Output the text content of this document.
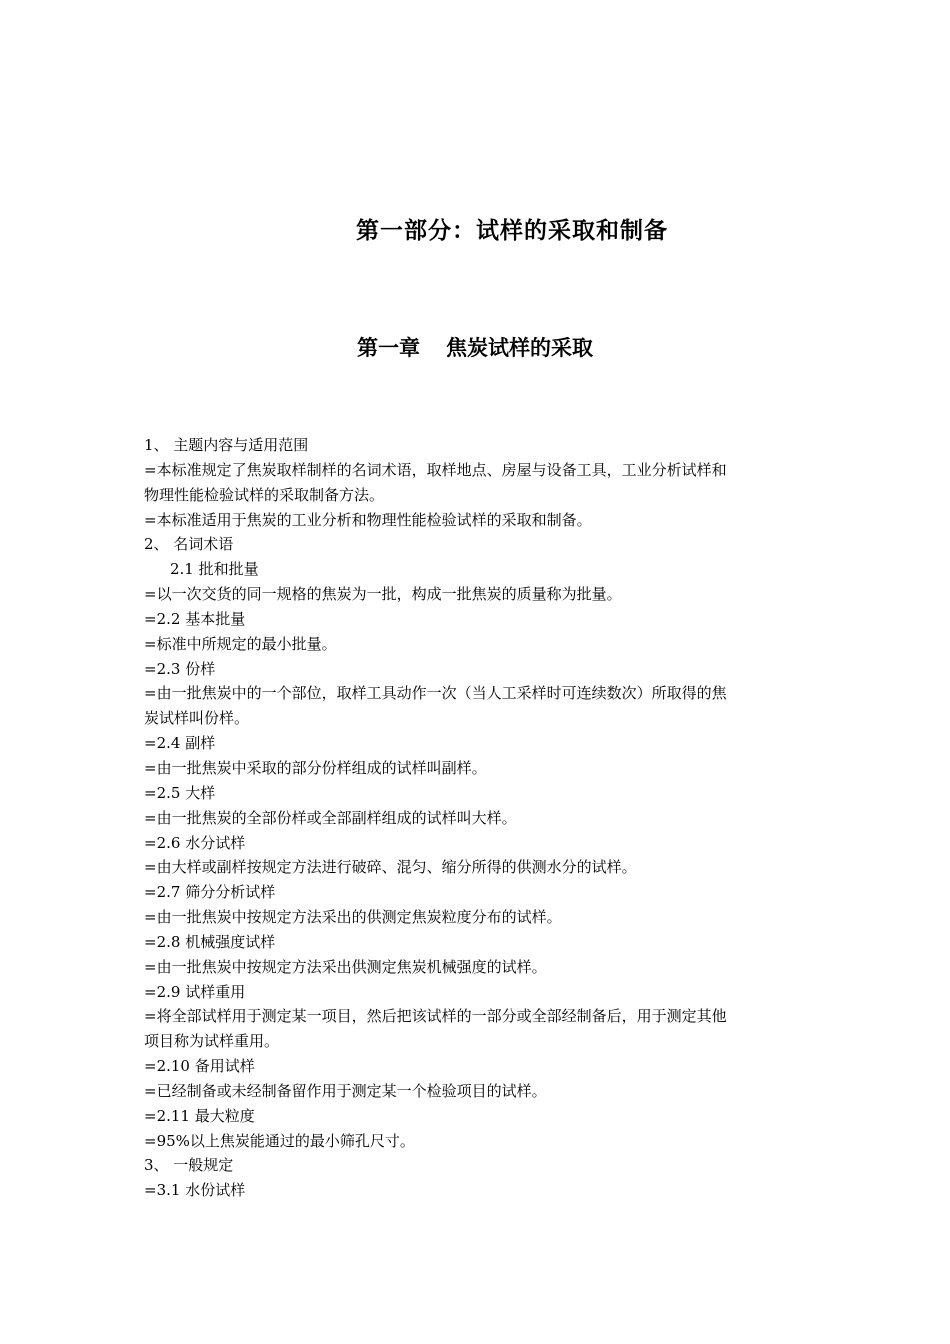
第一部分：试样的采取和制备
第一章 焦炭试样的采取
1、 主题内容与适用范围
=本标准规定了焦炭取样制样的名词术语，取样地点、房屋与设备工具，工业分析试样和
物理性能检验试样的采取制备方法。
=本标准适用于焦炭的工业分析和物理性能检验试样的采取和制备。
2、 名词术语
2.1 批和批量
=以一次交货的同一规格的焦炭为一批，构成一批焦炭的质量称为批量。
=2.2 基本批量
=标准中所规定的最小批量。
=2.3 份样
=由一批焦炭中的一个部位，取样工具动作一次（当人工采样时可连续数次）所取得的焦
炭试样叫份样。
=2.4 副样
=由一批焦炭中采取的部分份样组成的试样叫副样。
=2.5 大样
=由一批焦炭的全部份样或全部副样组成的试样叫大样。
=2.6 水分试样
=由大样或副样按规定方法进行破碎、混匀、缩分所得的供测水分的试样。
=2.7 筛分分析试样
=由一批焦炭中按规定方法采出的供测定焦炭粒度分布的试样。
=2.8 机械强度试样
=由一批焦炭中按规定方法采出供测定焦炭机械强度的试样。
=2.9 试样重用
=将全部试样用于测定某一项目，然后把该试样的一部分或全部经制备后，用于测定其他
项目称为试样重用。
=2.10 备用试样
=已经制备或未经制备留作用于测定某一个检验项目的试样。
=2.11 最大粒度
=95%以上焦炭能通过的最小筛孔尺寸。
3、 一般规定
=3.1 水份试样
